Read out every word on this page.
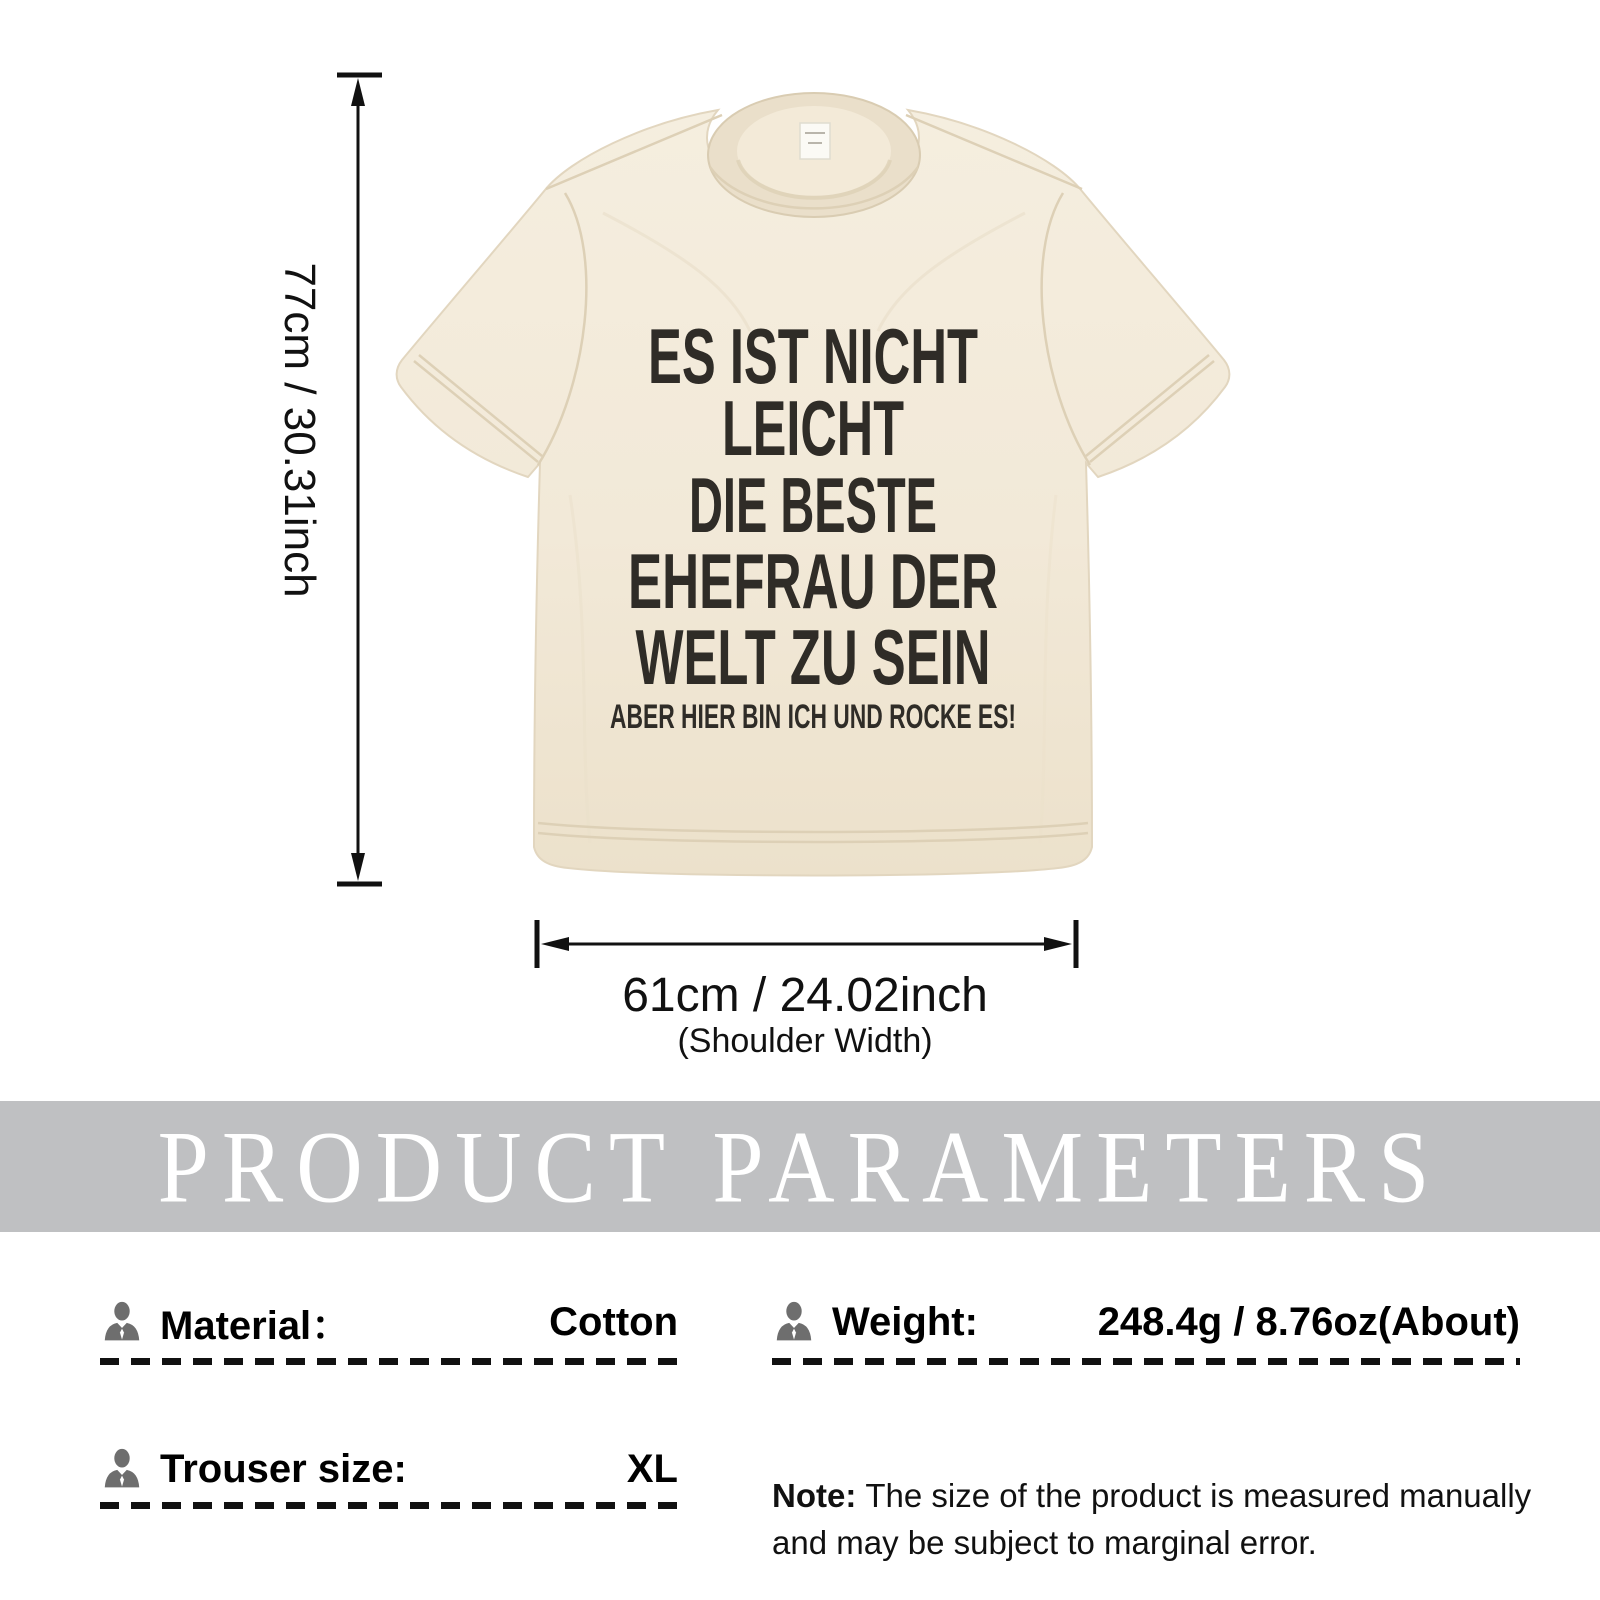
ES IST NICHT
LEICHT
DIE BESTE
EHEFRAU DER
WELT ZU SEIN
ABER HIER BIN ICH UND ROCKE ES!
77cm / 30.31inch
61cm / 24.02inch
(Shoulder Width)
PRODUCT PARAMETERS
Material：	Cotton	Weight:	248.4g / 8.76oz(About)
Trouser size:	XL

Note: The size of the product is measured manually and may be subject to marginal error.
